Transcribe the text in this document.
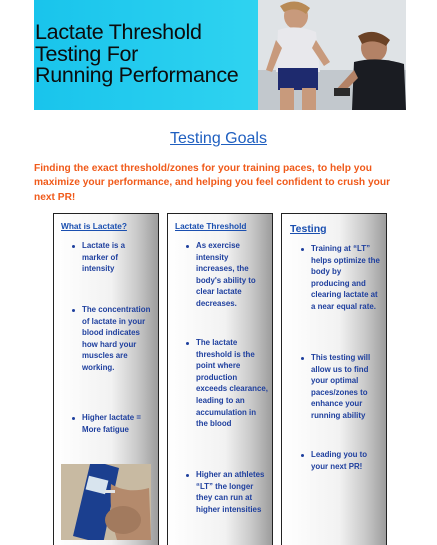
Lactate Threshold
Testing For
Running Performance
Testing Goals
Finding the exact threshold/zones for your training paces, to help you maximize your performance, and helping you feel confident to crush your next PR!
What is Lactate?
Lactate is a marker of intensity
The concentration of lactate in your blood indicates how hard your muscles are working.
Higher lactate = More fatigue
Lactate Threshold
As exercise intensity increases, the body's ability to clear lactate decreases.
The lactate threshold is the point where production exceeds clearance, leading to an accumulation in the blood
Higher an athletes “LT” the longer they can run at higher intensities
Testing
Training at “LT” helps optimize the body by producing and clearing lactate at a near equal rate.
This testing will allow us to find your optimal paces/zones to enhance your running ability
Leading you to your next PR!
